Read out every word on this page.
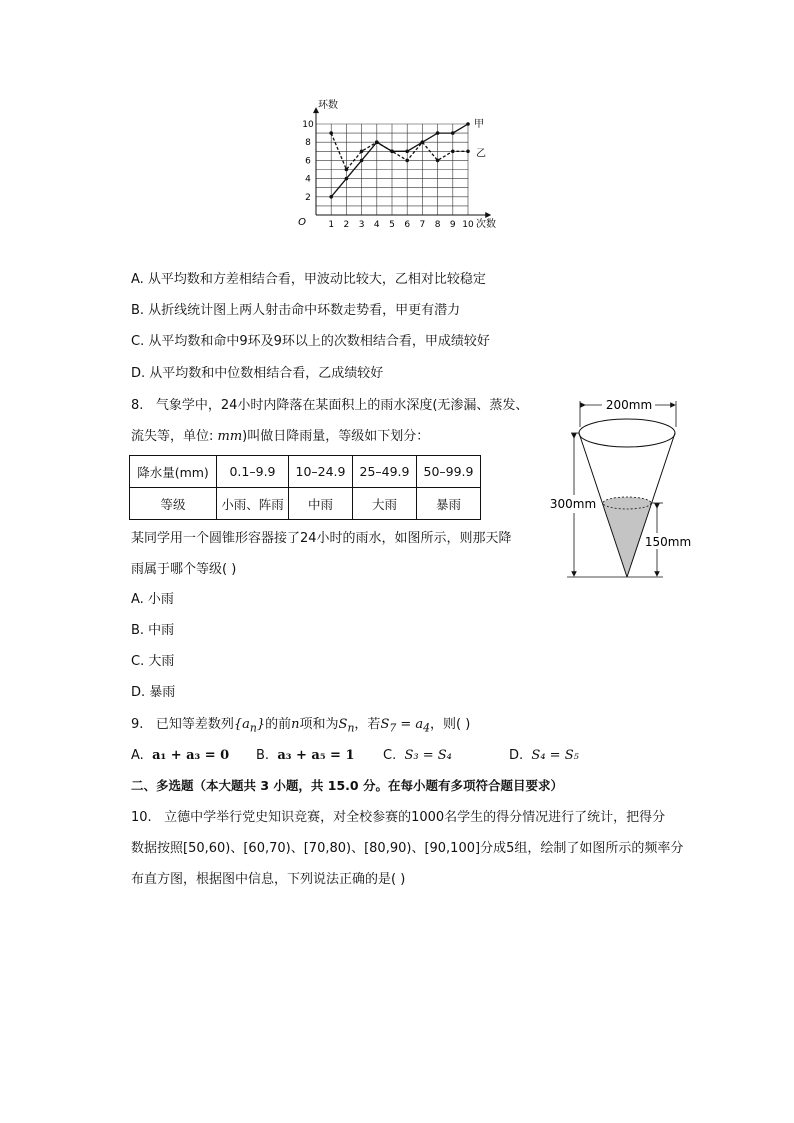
2
4
6
8
10
1 2 3 4 5 6 7 8 9 10
O
环数
次数
甲
乙
A. 从平均数和方差相结合看，甲波动比较大，乙相对比较稳定
B. 从折线统计图上两人射击命中环数走势看，甲更有潜力
C. 从平均数和命中9环及9环以上的次数相结合看，甲成绩较好
D. 从平均数和中位数相结合看，乙成绩较好
8. 气象学中，24小时内降落在某面积上的雨水深度(无渗漏、蒸发、
流失等，单位: mm)叫做日降雨量，等级如下划分：
降水量(mm)	0.1–9.9	10–24.9	25–49.9	50–99.9
等级	小雨、阵雨	中雨	大雨	暴雨
某同学用一个圆锥形容器接了24小时的雨水，如图所示，则那天降
雨属于哪个等级( )
A. 小雨
B. 中雨
C. 大雨
D. 暴雨
200mm
300mm
150mm
9. 已知等差数列$\{a_n\}$的前n项和为$S_n$，若$S_7 = a_4$，则( )
A. a₁ + a₃ = 0 B. a₃ + a₅ = 1 C. S₃ = S₄	D. S₄ = S₅
二、多选题（本大题共 3 小题，共 15.0 分。在每小题有多项符合题目要求）
10. 立德中学举行党史知识竞赛，对全校参赛的1000名学生的得分情况进行了统计，把得分
数据按照[50,60)、[60,70)、[70,80)、[80,90)、[90,100]分成5组，绘制了如图所示的频率分
布直方图，根据图中信息，下列说法正确的是( )
